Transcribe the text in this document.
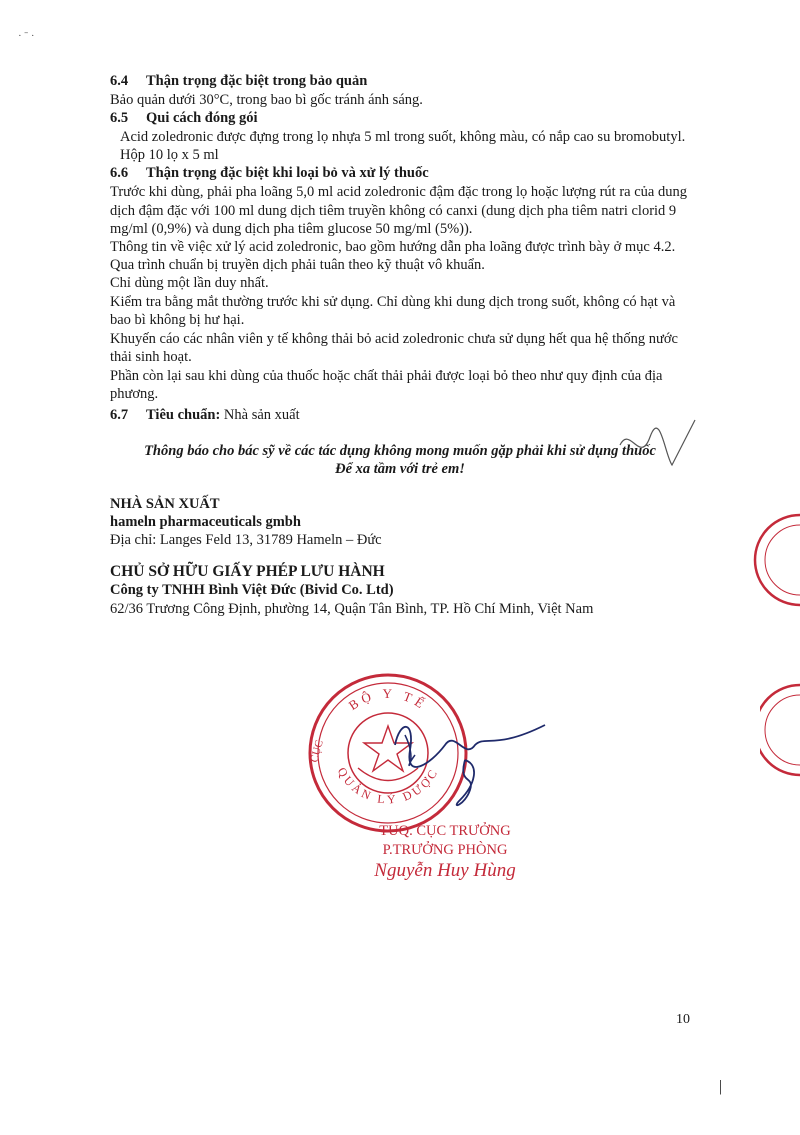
· ˉ ·
6.4 Thận trọng đặc biệt trong bảo quản
Bảo quản dưới 30°C, trong bao bì gốc tránh ánh sáng.
6.5 Qui cách đóng gói
Acid zoledronic được đựng trong lọ nhựa 5 ml trong suốt, không màu, có nắp cao su bromobutyl.
Hộp 10 lọ x 5 ml
6.6 Thận trọng đặc biệt khi loại bỏ và xử lý thuốc
Trước khi dùng, phải pha loãng 5,0 ml acid zoledronic đậm đặc trong lọ hoặc lượng rút ra của dung
dịch đậm đặc với 100 ml dung dịch tiêm truyền không có canxi (dung dịch pha tiêm natri clorid 9
mg/ml (0,9%) và dung dịch pha tiêm glucose 50 mg/ml (5%)).
Thông tin về việc xử lý acid zoledronic, bao gồm hướng dẫn pha loãng được trình bày ở mục 4.2.
Qua trình chuẩn bị truyền dịch phải tuân theo kỹ thuật vô khuẩn.
Chỉ dùng một lần duy nhất.
Kiểm tra bằng mắt thường trước khi sử dụng. Chỉ dùng khi dung dịch trong suốt, không có hạt và
bao bì không bị hư hại.
Khuyến cáo các nhân viên y tế không thải bỏ acid zoledronic chưa sử dụng hết qua hệ thống nước
thải sinh hoạt.
Phần còn lại sau khi dùng của thuốc hoặc chất thải phải được loại bỏ theo như quy định của địa
phương.
6.7 Tiêu chuẩn: Nhà sản xuất
Thông báo cho bác sỹ về các tác dụng không mong muốn gặp phải khi sử dụng thuốc
Để xa tầm với trẻ em!
NHÀ SẢN XUẤT
hameln pharmaceuticals gmbh
Địa chỉ: Langes Feld 13, 31789 Hameln – Đức
CHỦ SỞ HỮU GIẤY PHÉP LƯU HÀNH
Công ty TNHH Bình Việt Đức (Bivid Co. Ltd)
62/36 Trương Công Định, phường 14, Quận Tân Bình, TP. Hồ Chí Minh, Việt Nam
BỘ Y TẾ
QUẢN LÝ DƯỢC
CỤC
TUQ. CỤC TRƯỞNG
P.TRƯỞNG PHÒNG
Nguyễn Huy Hùng
10
|
